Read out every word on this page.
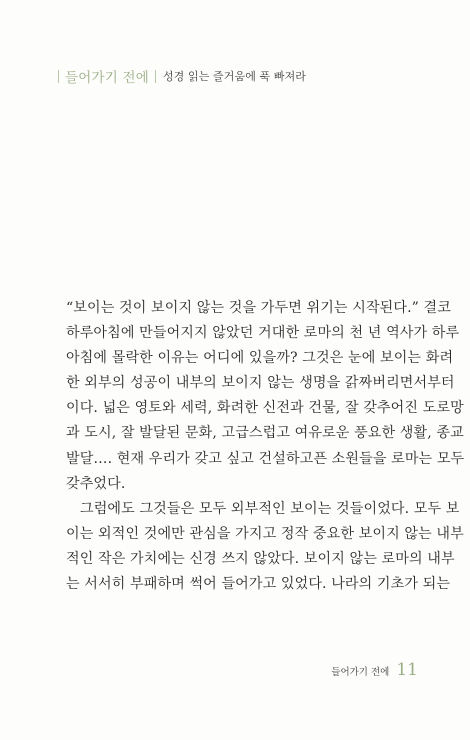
들어가기 전에 성경 읽는 즐거움에 푹 빠져라
“보이는 것이 보이지 않는 것을 가두면 위기는 시작된다.” 결코
하루아침에 만들어지지 않았던 거대한 로마의 천 년 역사가 하루
아침에 몰락한 이유는 어디에 있을까? 그것은 눈에 보이는 화려
한 외부의 성공이 내부의 보이지 않는 생명을 갉짜버리면서부터
이다. 넓은 영토와 세력, 화려한 신전과 건물, 잘 갖추어진 도로망
과 도시, 잘 발달된 문화, 고급스럽고 여유로운 풍요한 생활, 종교
발달…. 현재 우리가 갖고 싶고 건설하고픈 소원들을 로마는 모두
갖추었다.
그럼에도 그것들은 모두 외부적인 보이는 것들이었다. 모두 보
이는 외적인 것에만 관심을 가지고 정작 중요한 보이지 않는 내부
적인 작은 가치에는 신경 쓰지 않았다. 보이지 않는 로마의 내부
는 서서히 부패하며 썩어 들어가고 있었다. 나라의 기초가 되는
들어가기 전에 11
